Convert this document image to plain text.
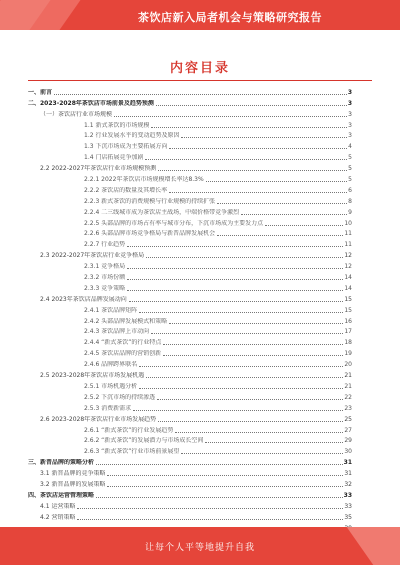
茶饮店新入局者机会与策略研究报告
内容目录
一、前言	3
二、2023-2028年茶饮店市场前景及趋势预测	3
（一）茶饮店行业市场规模	3
1.1 新式茶饮的市场规模	3
1.2 行业发展水平的变动趋势及原因	3
1.3 下沉市场成为主要拓展方向	4
1.4 门店拓展竞争加剧	5
2.2 2022-2027年茶饮店行业市场规模预测	5
2.2.1 2022年茶饮店市场规模增长率达8.3%	5
2.2.2 茶饮店的数量及其增长率	6
2.2.3 新式茶饮的消费规模与行业规模的持续扩张	8
2.2.4 二三线城市成为茶饮店主战场，中端价格带竞争激烈	9
2.2.5 头部品牌的市场占有率与城市分布，下沉市场成为主要发力点	10
2.2.6 头部品牌市场竞争格局与新晋品牌发展机会	11
2.2.7 行业趋势	11
2.3 2022-2027年茶饮店行业竞争格局	12
2.3.1 竞争格局	12
2.3.2 市场份额	14
2.3.3 竞争策略	14
2.4 2023年茶饮店品牌发展动向	15
2.4.1 茶饮品牌矩阵	15
2.4.2 头部品牌发展模式和策略	16
2.4.3 茶饮品牌上市动向	17
2.4.4 “新式茶饮”的行业特点	18
2.4.5 茶饮店品牌的营销创新	19
2.4.6 品牌跨界联名	20
2.5 2023-2028年茶饮店市场发展机遇	21
2.5.1 市场机遇分析	21
2.5.2 下沉市场的持续渗透	22
2.5.3 消费新需求	23
2.6 2023-2028年茶饮店行业市场发展趋势	25
2.6.1 “新式茶饮”的行业发展趋势	27
2.6.2 “新式茶饮”的发展潜力与市场成长空间	29
2.6.3 “新式茶饮”行业市场前景展望	30
三、新晋品牌的策略分析	31
3.1 新晋品牌的竞争策略	31
3.2 新晋品牌的发展策略	32
四、茶饮店运营管理策略	33
4.1 运营策略	33
4.2 营销策略	35
让每个人平等地提升自我
